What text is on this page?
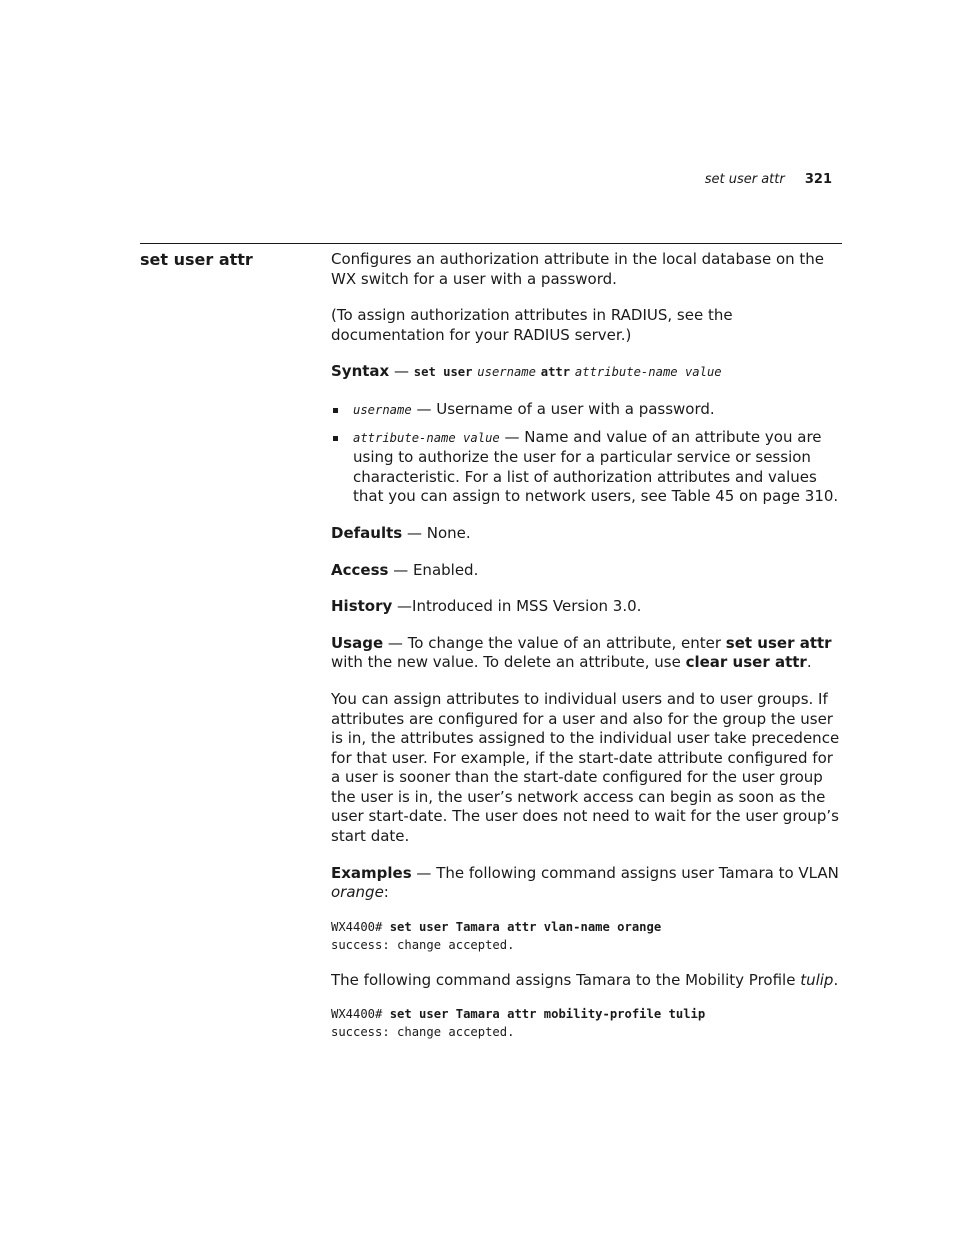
set user attr 321
set user attr	Configures an authorization attribute in the local database on the WX switch for a user with a password.

(To assign authorization attributes in RADIUS, see the documentation for your RADIUS server.)

Syntax — set user username attr attribute-name value

username — Username of a user with a password.
attribute-name value — Name and value of an attribute you are using to authorize the user for a particular service or session characteristic. For a list of authorization attributes and values that you can assign to network users, see Table 45 on page 310.

Defaults — None.

Access — Enabled.

History —Introduced in MSS Version 3.0.

Usage — To change the value of an attribute, enter set user attr with the new value. To delete an attribute, use clear user attr.

You can assign attributes to individual users and to user groups. If attributes are configured for a user and also for the group the user is in, the attributes assigned to the individual user take precedence for that user. For example, if the start-date attribute configured for a user is sooner than the start-date configured for the user group the user is in, the user’s network access can begin as soon as the user start-date. The user does not need to wait for the user group’s start date.

Examples — The following command assigns user Tamara to VLAN orange:

WX4400# set user Tamara attr vlan-name orange
success: change accepted.

The following command assigns Tamara to the Mobility Profile tulip.

WX4400# set user Tamara attr mobility-profile tulip
success: change accepted.
